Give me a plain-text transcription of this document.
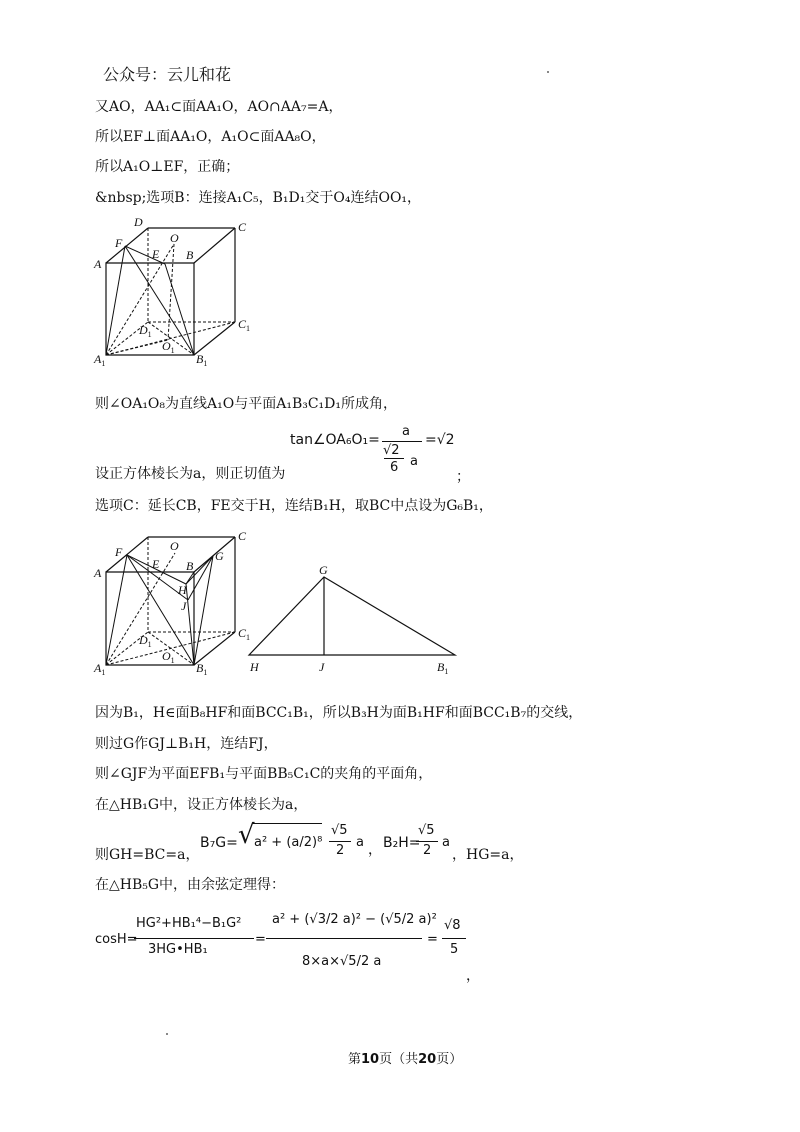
公众号：云儿和花
又AO，AA₁⊂面AA₁O，AO∩AA₇=A，
所以EF⊥面AA₁O，A₁O⊂面AA₈O，
所以A₁O⊥EF，正确；
&nbsp;选项B：连接A₁C₅，B₁D₁交于O₄连结OO₁，
D	C
F	O
A
E B
$C_1$
$D_1$
$O_1$
$A_1$	$B_1$
则∠OA₁O₈为直线A₁O与平面A₁B₃C₁D₁所成角，
tan∠OA₆O₁=
a
√2
6 a
=√2
设正方体棱长为a，则正切值为	；
选项C：延长CB，FE交于H，连结B₁H，取BC中点设为G₆B₁，
F	O
G
C
A
E B
H
J
$C_1$
$D_1$
$O_1$
$A_1$	$B_1$
G
H	J	$B_1$
因为B₁，H∈面B₈HF和面BCC₁B₁，所以B₃H为面B₁HF和面BCC₁B₇的交线，
则过G作GJ⊥B₁H，连结FJ，
则∠GJF为平面EFB₁与平面BB₅C₁C的夹角的平面角，
在△HB₁G中，设正方体棱长为a，
则GH=BC=a，
B₇G= √ a² + (a/2)⁸
√5
2
a ， B₂H=
√5
2
a
，HG=a，
在△HB₅G中，由余弦定理得：
cosH=
HG²+HB₁⁴−B₁G²
3HG•HB₁
=
a² + (√3/2 a)² − (√5/2 a)²
8×a×√5/2 a
=
√8
5
，
第10页（共20页）
